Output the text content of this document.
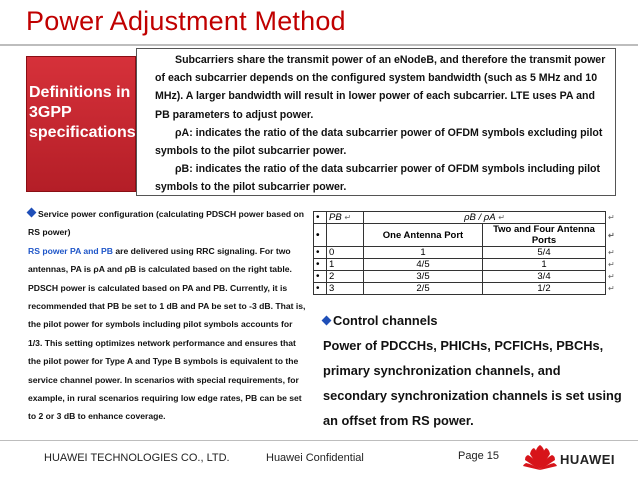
Power Adjustment Method
Definitions in 3GPP specifications

Subcarriers share the transmit power of an eNodeB, and therefore the transmit power

of each subcarrier depends on the configured system bandwidth (such as 5 MHz and 10

MHz). A larger bandwidth will result in lower power of each subcarrier. LTE uses PA and

PB parameters to adjust power.

ρA: indicates the ratio of the data subcarrier power of OFDM symbols excluding pilot

symbols to the pilot subcarrier power.

ρB: indicates the ratio of the data subcarrier power of OFDM symbols including pilot

symbols to the pilot subcarrier power.

Service power configuration (calculating PDSCH power based on RS power)
RS power PA and PB are delivered using RRC signaling. For two antennas, PA is ρA and ρB is calculated based on the right table. PDSCH power is calculated based on PA and PB. Currently, it is recommended that PB be set to 1 dB and PA be set to -3 dB. That is, the pilot power for symbols including pilot symbols accounts for 1/3. This setting optimizes network performance and ensures that the pilot power for Type A and Type B symbols is equivalent to the service channel power. In scenarios with special requirements, for example, in rural scenarios requiring low edge rates, PB can be set to 2 or 3 dB to enhance coverage.
•	PB ↵	ρB / ρA ↵		↵
•		One Antenna Port	Two and Four Antenna Ports	↵
•	0	1	5/4	↵
•	1	4/5	1	↵
•	2	3/5	3/4	↵
•	3	2/5	1/2	↵
Control channels
Power of PDCCHs, PHICHs, PCFICHs, PBCHs, primary synchronization channels, and secondary synchronization channels is set using an offset from RS power.
HUAWEI TECHNOLOGIES CO., LTD.	Huawei Confidential	Page 15	HUAWEI
